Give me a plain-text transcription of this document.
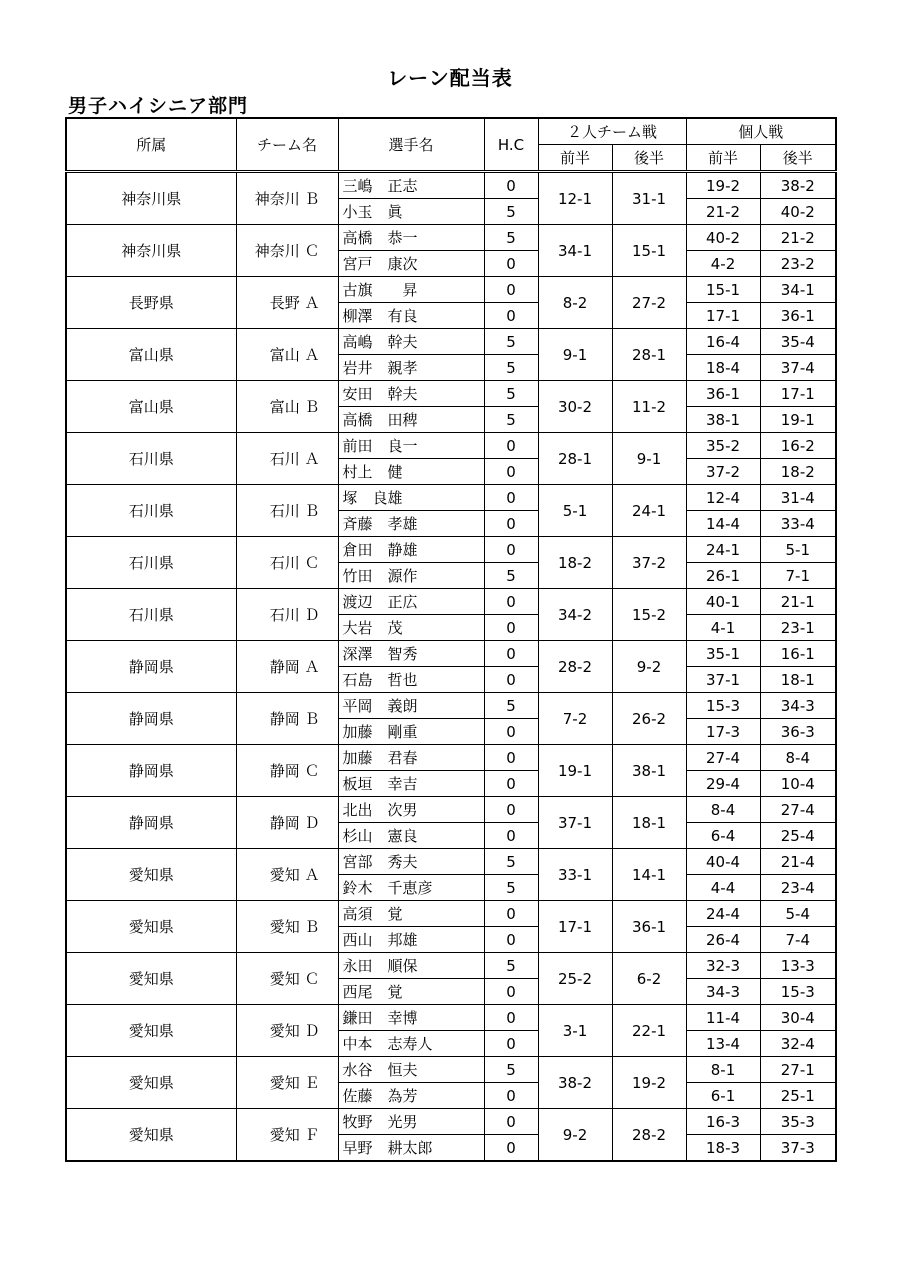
レーン配当表
男子ハイシニア部門
所属	チーム名	選手名	H.C	２人チーム戦		個人戦	
				前半	後半	前半	後半
神奈川県	神奈川 Ｂ	三嶋　正志	0	12-1	31-1	19-2	38-2
		小玉　眞	5			21-2	40-2
神奈川県	神奈川 Ｃ	高橋　恭一	5	34-1	15-1	40-2	21-2
		宮戸　康次	0			4-2	23-2
長野県	長野 Ａ	古旗　　昇	0	8-2	27-2	15-1	34-1
		柳澤　有良	0			17-1	36-1
富山県	富山 Ａ	高嶋　幹夫	5	9-1	28-1	16-4	35-4
		岩井　親孝	5			18-4	37-4
富山県	富山 Ｂ	安田　幹夫	5	30-2	11-2	36-1	17-1
		高橋　田稗	5			38-1	19-1
石川県	石川 Ａ	前田　良一	0	28-1	9-1	35-2	16-2
		村上　健	0			37-2	18-2
石川県	石川 Ｂ	塚　良雄	0	5-1	24-1	12-4	31-4
		斉藤　孝雄	0			14-4	33-4
石川県	石川 Ｃ	倉田　静雄	0	18-2	37-2	24-1	5-1
		竹田　源作	5			26-1	7-1
石川県	石川 Ｄ	渡辺　正広	0	34-2	15-2	40-1	21-1
		大岩　茂	0			4-1	23-1
静岡県	静岡 Ａ	深澤　智秀	0	28-2	9-2	35-1	16-1
		石島　哲也	0			37-1	18-1
静岡県	静岡 Ｂ	平岡　義朗	5	7-2	26-2	15-3	34-3
		加藤　剛重	0			17-3	36-3
静岡県	静岡 Ｃ	加藤　君春	0	19-1	38-1	27-4	8-4
		板垣　幸吉	0			29-4	10-4
静岡県	静岡 Ｄ	北出　次男	0	37-1	18-1	8-4	27-4
		杉山　憲良	0			6-4	25-4
愛知県	愛知 Ａ	宮部　秀夫	5	33-1	14-1	40-4	21-4
		鈴木　千恵彦	5			4-4	23-4
愛知県	愛知 Ｂ	高須　覚	0	17-1	36-1	24-4	5-4
		西山　邦雄	0			26-4	7-4
愛知県	愛知 Ｃ	永田　順保	5	25-2	6-2	32-3	13-3
		西尾　覚	0			34-3	15-3
愛知県	愛知 Ｄ	鎌田　幸博	0	3-1	22-1	11-4	30-4
		中本　志寿人	0			13-4	32-4
愛知県	愛知 Ｅ	水谷　恒夫	5	38-2	19-2	8-1	27-1
		佐藤　為芳	0			6-1	25-1
愛知県	愛知 Ｆ	牧野　光男	0	9-2	28-2	16-3	35-3
		早野　耕太郎	0			18-3	37-3
